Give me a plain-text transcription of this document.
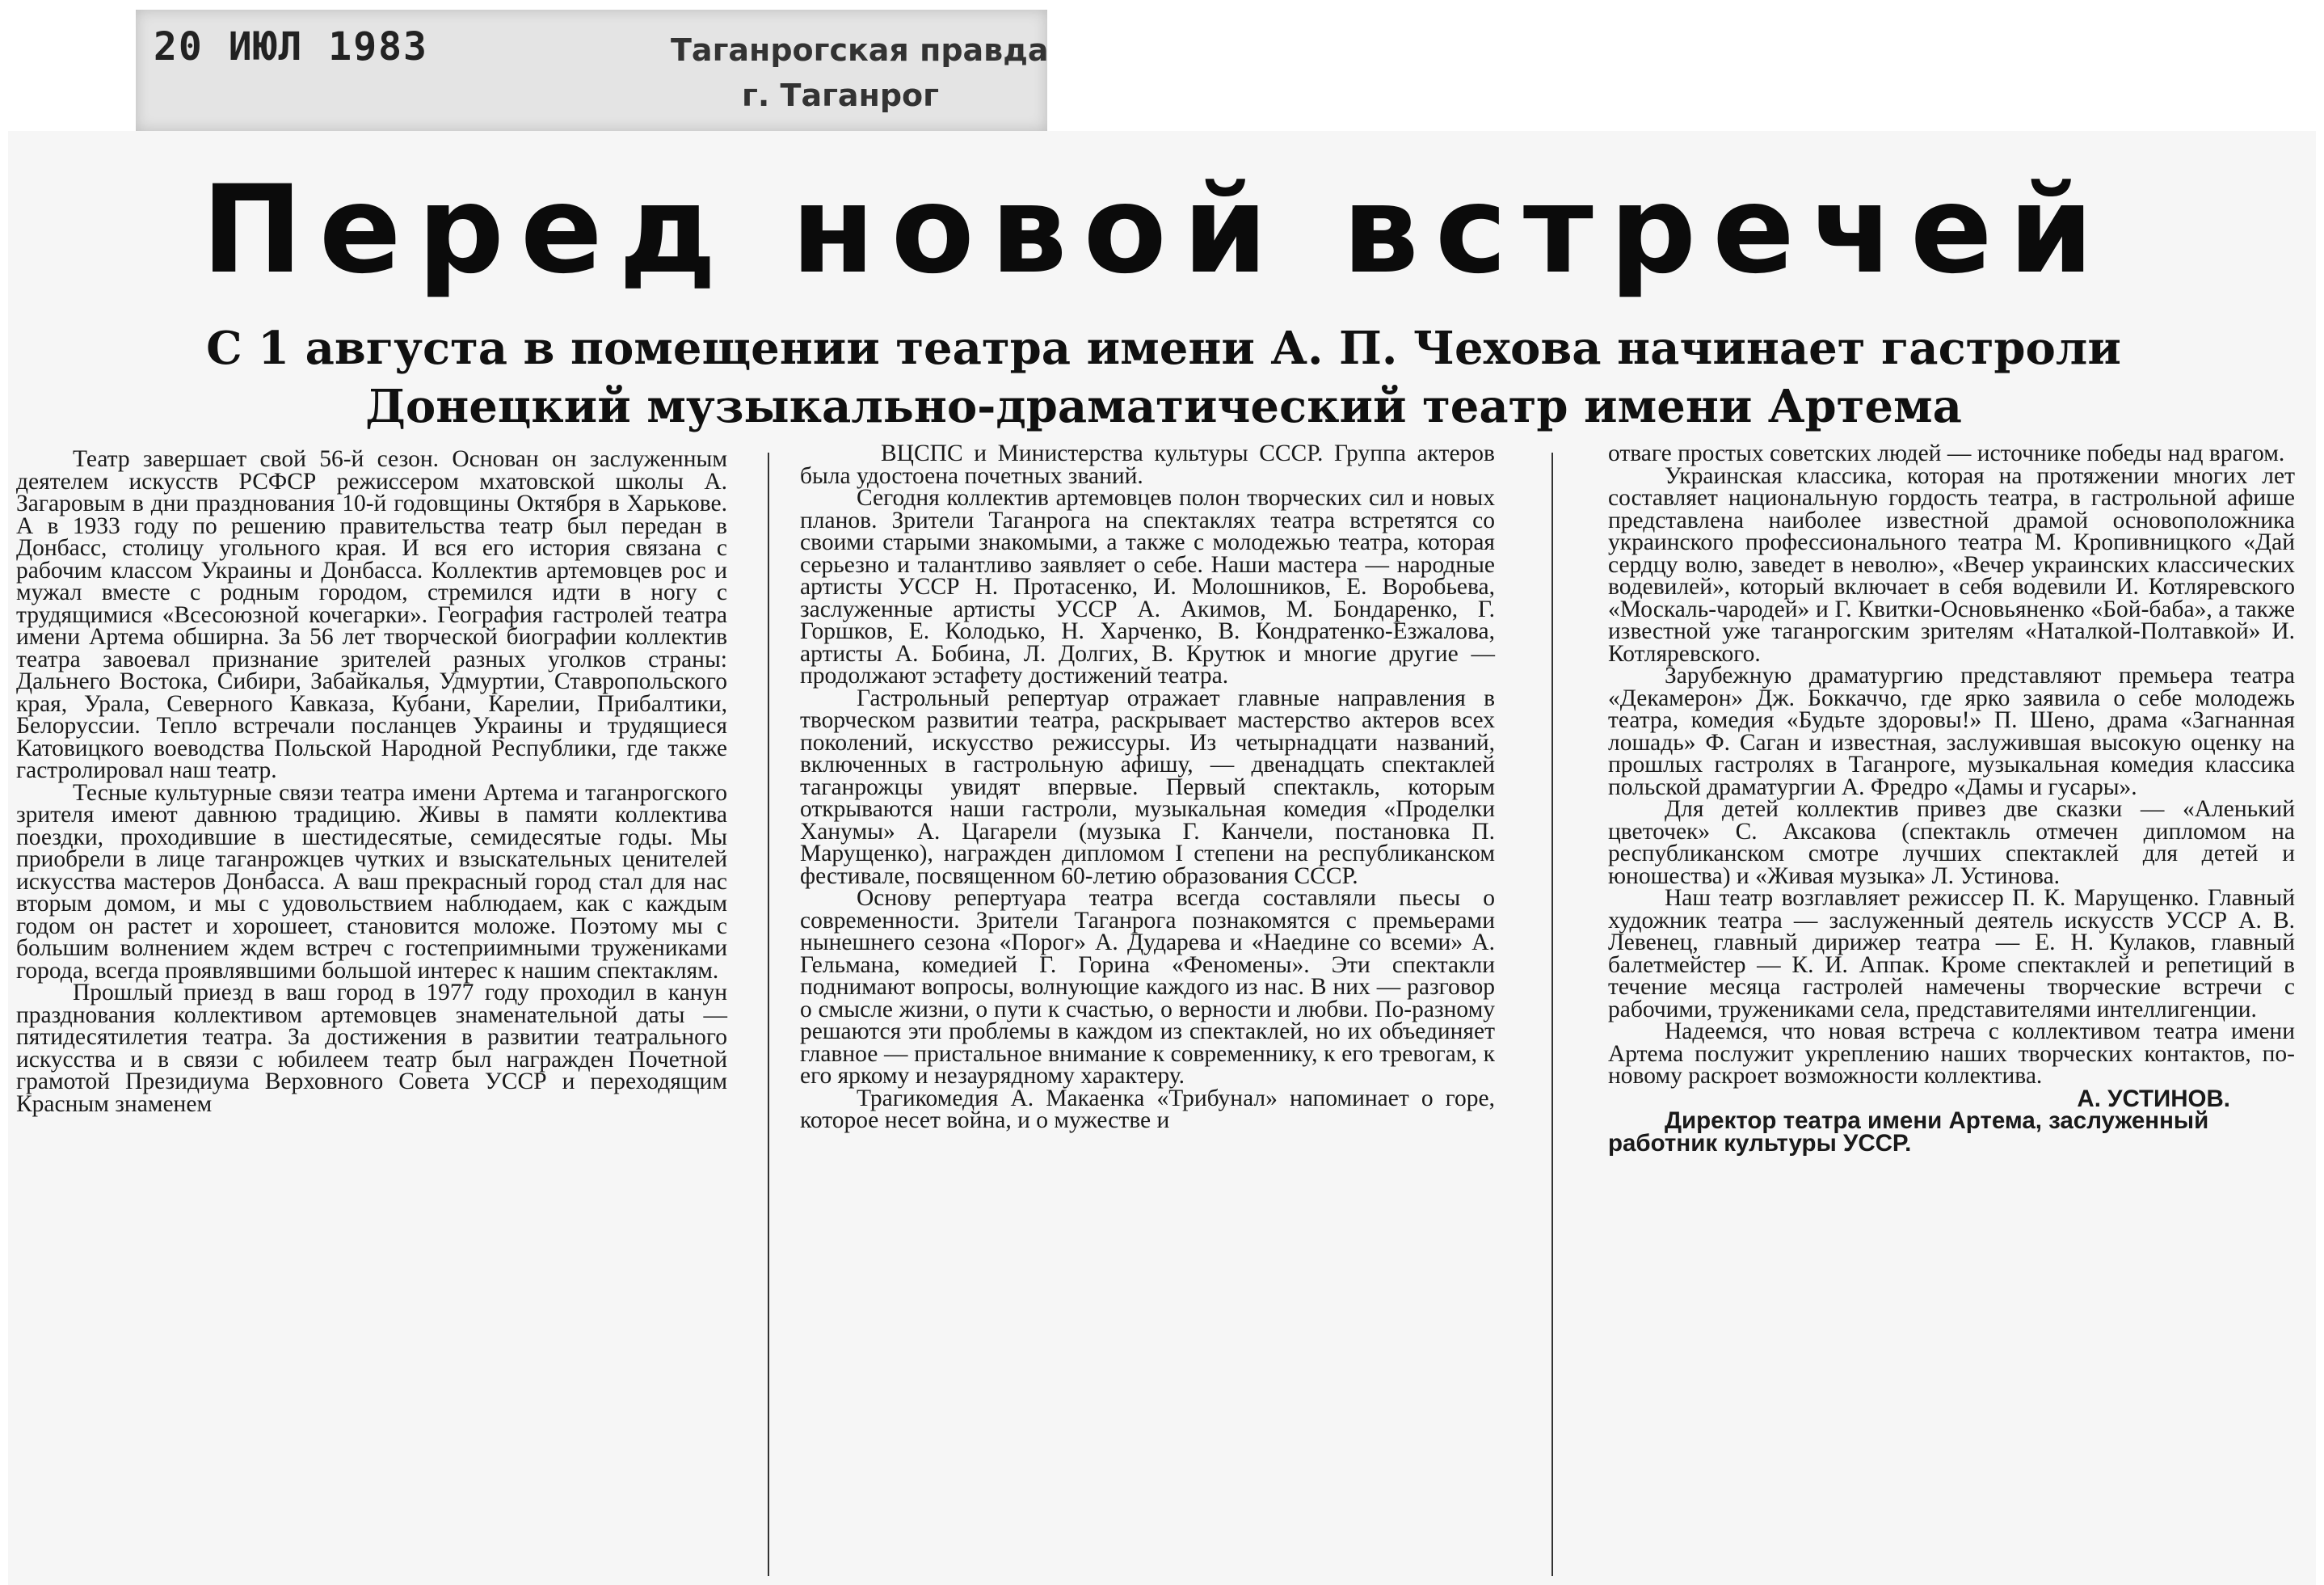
20 ИЮЛ 1983	Таганрогская правда
г. Таганрог
Перед новой встречей
С 1 августа в помещении театра имени А. П. Чехова начинает гастроли
Донецкий музыкально-драматический театр имени Артема

Театр завершает свой 56-й сезон. Основан он заслуженным деятелем искусств РСФСР режиссером мхатовской школы А. Загаровым в дни празднования 10-й годовщины Октября в Харькове. А в 1933 году по решению правительства театр был передан в Донбасс, столицу угольного края. И вся его история связана с рабочим классом Украины и Донбасса. Коллектив артемовцев рос и мужал вместе с родным городом, стремился идти в ногу с трудящимися «Всесоюзной кочегарки». География гастролей театра имени Артема обширна. За 56 лет творческой биографии коллектив театра завоевал признание зрителей разных уголков страны: Дальнего Востока, Сибири, Забайкалья, Удмуртии, Ставропольского края, Урала, Северного Кавказа, Кубани, Карелии, Прибалтики, Белоруссии. Тепло встречали посланцев Украины и трудящиеся Катовицкого воеводства Польской Народной Республики, где также гастролировал наш театр.

Тесные культурные связи театра имени Артема и таганрогского зрителя имеют давнюю традицию. Живы в памяти коллектива поездки, проходившие в шестидесятые, семидесятые годы. Мы приобрели в лице таганрожцев чутких и взыскательных ценителей искусства мастеров Донбасса. А ваш прекрасный город стал для нас вторым домом, и мы с удовольствием наблюдаем, как с каждым годом он растет и хорошеет, становится моложе. Поэтому мы с большим волнением ждем встреч с гостеприимными тружениками города, всегда проявлявшими большой интерес к нашим спектаклям.

Прошлый приезд в ваш город в 1977 году проходил в канун празднования коллективом артемовцев знаменательной даты — пятидесятилетия театра. За достижения в развитии театрального искусства и в связи с юбилеем театр был награжден Почетной грамотой Президиума Верховного Совета УССР и переходящим Красным знаменем

ВЦСПС и Министерства культуры СССР. Группа актеров была удостоена почетных званий.

Сегодня коллектив артемовцев полон творческих сил и новых планов. Зрители Таганрога на спектаклях театра встретятся со своими старыми знакомыми, а также с молодежью театра, которая серьезно и талантливо заявляет о себе. Наши мастера — народные артисты УССР Н. Протасенко, И. Молошников, Е. Воробьева, заслуженные артисты УССР А. Акимов, М. Бондаренко, Г. Горшков, Е. Колодько, Н. Харченко, В. Кондратенко-Езжалова, артисты А. Бобина, Л. Долгих, В. Крутюк и многие другие — продолжают эстафету достижений театра.

Гастрольный репертуар отражает главные направления в творческом развитии театра, раскрывает мастерство актеров всех поколений, искусство режиссуры. Из четырнадцати названий, включенных в гастрольную афишу, — двенадцать спектаклей таганрожцы увидят впервые. Первый спектакль, которым открываются наши гастроли, музыкальная комедия «Проделки Ханумы» А. Цагарели (музыка Г. Канчели, постановка П. Марущенко), награжден дипломом I степени на республиканском фестивале, посвященном 60-летию образования СССР.

Основу репертуара театра всегда составляли пьесы о современности. Зрители Таганрога познакомятся с премьерами нынешнего сезона «Порог» А. Дударева и «Наедине со всеми» А. Гельмана, комедией Г. Горина «Феномены». Эти спектакли поднимают вопросы, волнующие каждого из нас. В них — разговор о смысле жизни, о пути к счастью, о верности и любви. По-разному решаются эти проблемы в каждом из спектаклей, но их объединяет главное — пристальное внимание к современнику, к его тревогам, к его яркому и незаурядному характеру.

Трагикомедия А. Макаенка «Трибунал» напоминает о горе, которое несет война, и о мужестве и

отваге простых советских людей — источнике победы над врагом.

Украинская классика, которая на протяжении многих лет составляет национальную гордость театра, в гастрольной афише представлена наиболее известной драмой основоположника украинского профессионального театра М. Кропивницкого «Дай сердцу волю, заведет в неволю», «Вечер украинских классических водевилей», который включает в себя водевили И. Котляревского «Москаль-чародей» и Г. Квитки-Основьяненко «Бой-баба», а также известной уже таганрогским зрителям «Наталкой-Полтавкой» И. Котляревского.

Зарубежную драматургию представляют премьера театра «Декамерон» Дж. Боккаччо, где ярко заявила о себе молодежь театра, комедия «Будьте здоровы!» П. Шено, драма «Загнанная лошадь» Ф. Саган и известная, заслужившая высокую оценку на прошлых гастролях в Таганроге, музыкальная комедия классика польской драматургии А. Фредро «Дамы и гусары».

Для детей коллектив привез две сказки — «Аленький цветочек» С. Аксакова (спектакль отмечен дипломом на республиканском смотре лучших спектаклей для детей и юношества) и «Живая музыка» Л. Устинова.

Наш театр возглавляет режиссер П. К. Марущенко. Главный художник театра — заслуженный деятель искусств УССР А. В. Левенец, главный дирижер театра — Е. Н. Кулаков, главный балетмейстер — К. И. Аппак. Кроме спектаклей и репетиций в течение месяца гастролей намечены творческие встречи с рабочими, тружениками села, представителями интеллигенции.

Надеемся, что новая встреча с коллективом театра имени Артема послужит укреплению наших творческих контактов, по-новому раскроет возможности коллектива.

А. УСТИНОВ.

Директор театра имени Артема, заслуженный работник культуры УССР.
